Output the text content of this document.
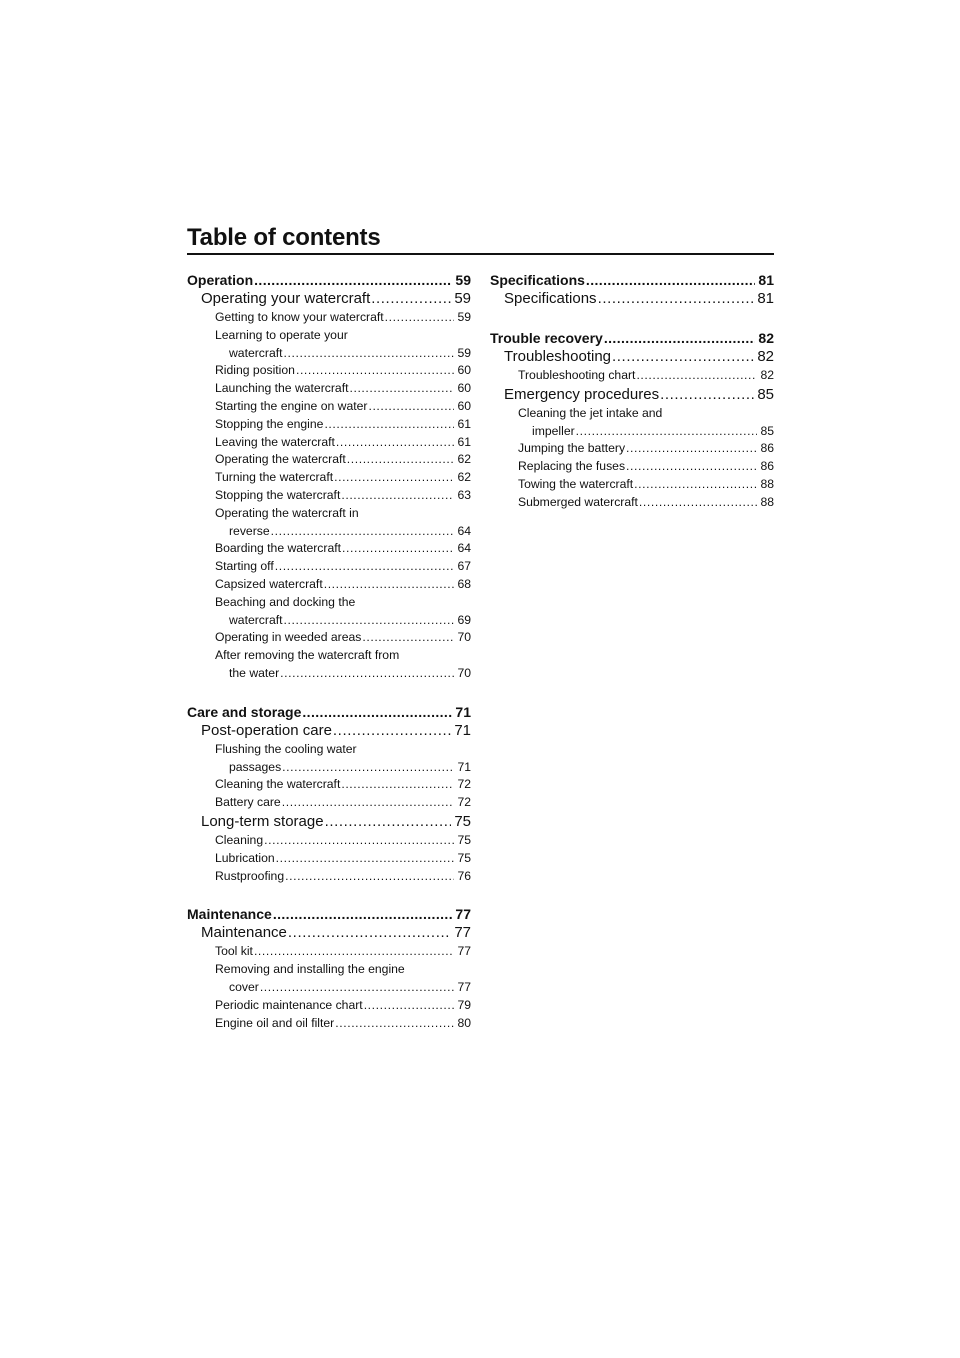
Table of contents
Operation .....	59
Operating your watercraft .....	59
Getting to know your watercraft .....	59
Learning to operate your
watercraft .....	59
Riding position .....	60
Launching the watercraft .....	60
Starting the engine on water .....	60
Stopping the engine .....	61
Leaving the watercraft .....	61
Operating the watercraft .....	62
Turning the watercraft .....	62
Stopping the watercraft .....	63
Operating the watercraft in
reverse .....	64
Boarding the watercraft .....	64
Starting off .....	67
Capsized watercraft .....	68
Beaching and docking the
watercraft .....	69
Operating in weeded areas .....	70
After removing the watercraft from
the water .....	70
Care and storage .....	71
Post-operation care .....	71
Flushing the cooling water
passages .....	71
Cleaning the watercraft .....	72
Battery care .....	72
Long-term storage .....	75
Cleaning .....	75
Lubrication .....	75
Rustproofing .....	76
Maintenance .....	77
Maintenance .....	77
Tool kit .....	77
Removing and installing the engine
cover .....	77
Periodic maintenance chart .....	79
Engine oil and oil filter .....	80
Specifications .....	81
Specifications .....	81
Trouble recovery .....	82
Troubleshooting .....	82
Troubleshooting chart .....	82
Emergency procedures .....	85
Cleaning the jet intake and
impeller .....	85
Jumping the battery .....	86
Replacing the fuses .....	86
Towing the watercraft .....	88
Submerged watercraft .....	88
